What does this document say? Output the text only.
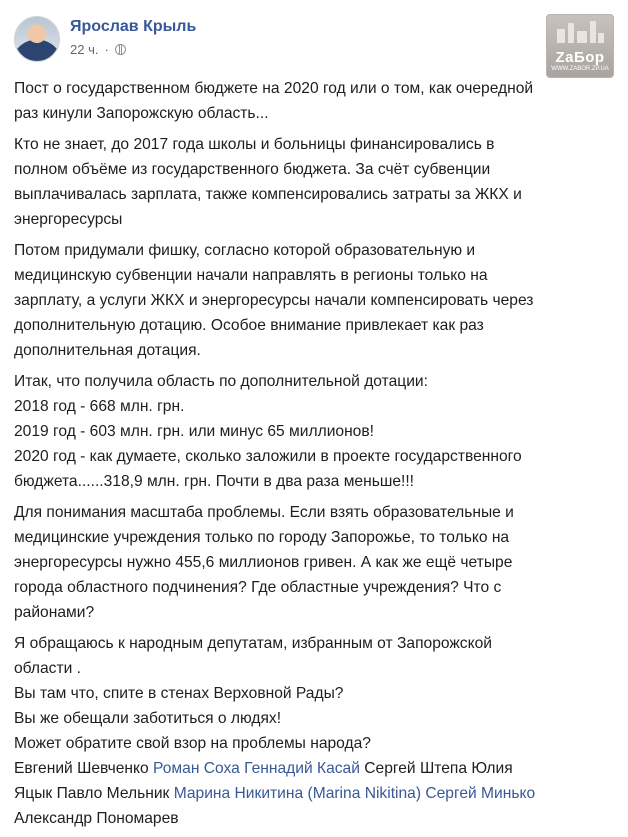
Ярослав Крыль
22 ч. ·	ZaБор
WWW.ZABOR.ZP.UA

Пост о государственном бюджете на 2020 год или о том, как очередной
раз кинули Запорожскую область...

Кто не знает, до 2017 года школы и больницы финансировались в
полном объёме из государственного бюджета. За счёт субвенции
выплачивалась зарплата, также компенсировались затраты за ЖКХ и
энергоресурсы

Потом придумали фишку, согласно которой образовательную и
медицинскую субвенции начали направлять в регионы только на
зарплату, а услуги ЖКХ и энергоресурсы начали компенсировать через
дополнительную дотацию. Особое внимание привлекает как раз
дополнительная дотация.

Итак, что получила область по дополнительной дотации:
2018 год - 668 млн. грн.
2019 год - 603 млн. грн. или минус 65 миллионов!
2020 год - как думаете, сколько заложили в проекте государственного
бюджета......318,9 млн. грн. Почти в два раза меньше!!!

Для понимания масштаба проблемы. Если взять образовательные и
медицинские учреждения только по городу Запорожье, то только на
энергоресурсы нужно 455,6 миллионов гривен. А как же ещё четыре
города областного подчинения? Где областные учреждения? Что с
районами?

Я обращаюсь к народным депутатам, избранным от Запорожской
области .
Вы там что, спите в стенах Верховной Рады?
Вы же обещали заботиться о людях!
Может обратите свой взор на проблемы народа?
Евгений Шевченко Роман Соха Геннадий Касай Сергей Штепа Юлия
Яцык Павло Мельник Марина Никитина (Marina Nikitina) Сергей Минько
Александр Пономарев
